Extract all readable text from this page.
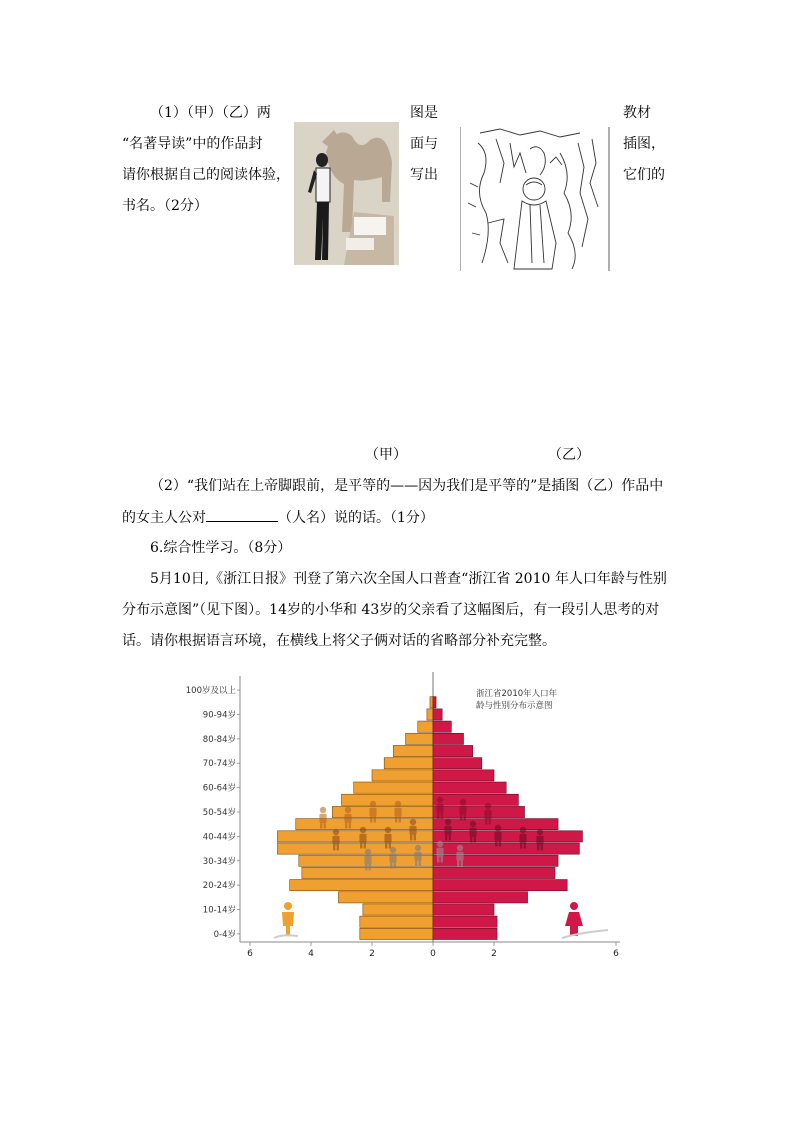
（1）（甲）（乙）两	图是	教材
“名著导读”中的作品封	面与	插图，
请你根据自己的阅读体验，	写出	它们的
书名。（2分）
（甲）	（乙）
（2）“我们站在上帝脚跟前，是平等的——因为我们是平等的”是插图（乙）作品中
的女主人公对	（人名）说的话。（1分）
6.综合性学习。（8分）
5月10日,《浙江日报》刊登了第六次全国人口普查“浙江省 2010 年人口年龄与性别
分布示意图”（见下图）。14岁的小华和 43岁的父亲看了这幅图后，有一段引人思考的对
话。请你根据语言环境，在横线上将父子俩对话的省略部分补充完整。
0-4岁
10-14岁
20-24岁
30-34岁
40-44岁
50-54岁
60-64岁
70-74岁
80-84岁
90-94岁
100岁及以上
6	4	2	0	2	6
浙江省2010年人口年
龄与性别分布示意图
